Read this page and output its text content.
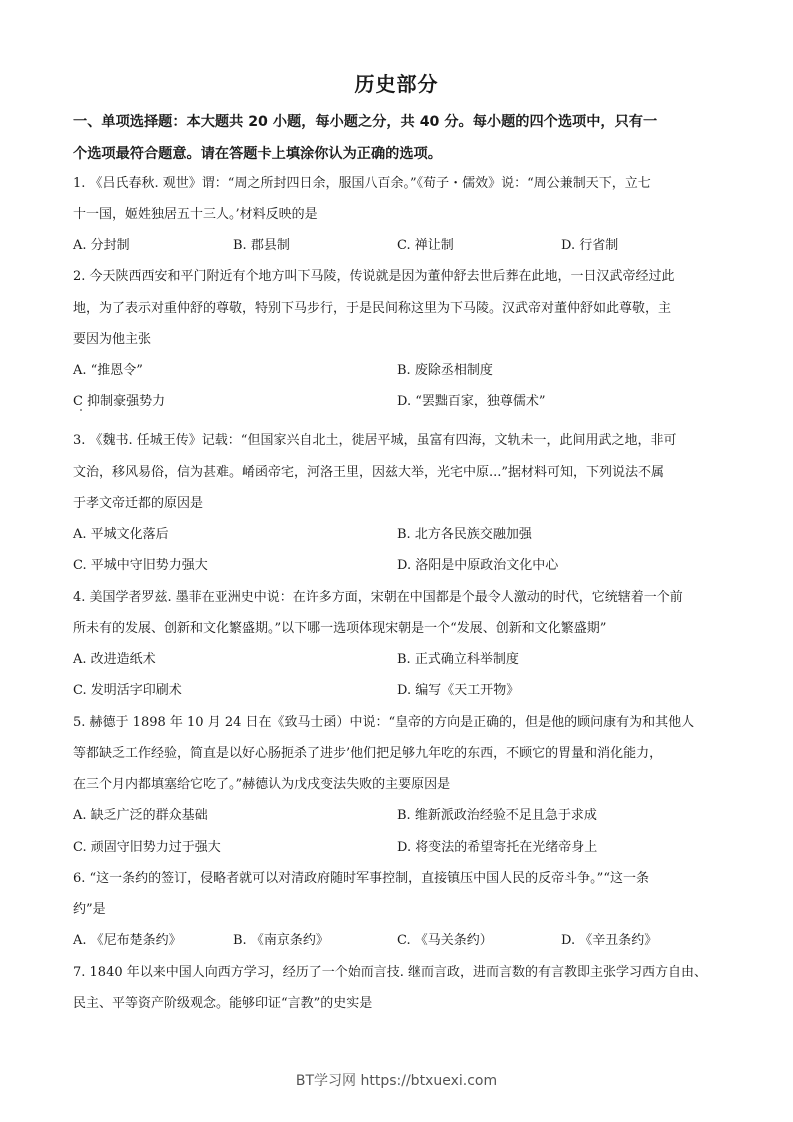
历史部分
一、单项选择题：本大题共 20 小题，每小题之分，共 40 分。每小题的四个选项中，只有一
个选项最符合题意。请在答题卡上填涂你认为正确的选项。
1. 《吕氏春秋. 观世》谓：“周之所封四日余，服国八百余。”《荀子・儒效》说：“周公兼制天下，立七
十一国，姬姓独居五十三人。’材料反映的是
A. 分封制	B. 郡县制	C. 禅让制	D. 行省制
2. 今天陕西西安和平门附近有个地方叫下马陵，传说就是因为董仲舒去世后葬在此地，一日汉武帝经过此
地，为了表示对重仲舒的尊敬，特别下马步行，于是民间称这里为下马陵。汉武帝对董仲舒如此尊敬，主
要因为他主张
A. “推恩令”	B. 废除丞相制度
C 抑制豪强势力	D. “罢黜百家，独尊儒术”
3. 《魏书. 任城王传》记载：“但国家兴自北土，徙居平城，虽富有四海，文轨未一，此间用武之地，非可
文治，移风易俗，信为甚难。崤函帝宅，河洛王里，因兹大举，光宅中原...”据材料可知，下列说法不属
于孝文帝迁都的原因是
A. 平城文化落后	B. 北方各民族交融加强
C. 平城中守旧势力强大	D. 洛阳是中原政治文化中心
4. 美国学者罗兹. 墨菲在亚洲史中说：在许多方面，宋朝在中国都是个最令人激动的时代，它统辖着一个前
所未有的发展、创新和文化繁盛期。”以下哪一选项体现宋朝是一个“发展、创新和文化繁盛期”
A. 改进造纸术	B. 正式确立科举制度
C. 发明活字印刷术	D. 编写《天工开物》
5. 赫德于 1898 年 10 月 24 日在《致马士函）中说：“皇帝的方向是正确的，但是他的顾问康有为和其他人
等都缺乏工作经验，简直是以好心肠扼杀了进步’他们把足够九年吃的东西，不顾它的胃量和消化能力，
在三个月内都填塞给它吃了。”赫德认为戊戌变法失败的主要原因是
A. 缺乏广泛的群众基础	B. 维新派政治经验不足且急于求成
C. 顽固守旧势力过于强大	D. 将变法的希望寄托在光绪帝身上
6. “这一条约的签订，侵略者就可以对清政府随时军事控制，直接镇压中国人民的反帝斗争。”“这一条
约”是
A. 《尼布楚条约》	B. 《南京条约》	C. 《马关条约）	D. 《辛丑条约》
7. 1840 年以来中国人向西方学习，经历了一个始而言技. 继而言政，进而言数的有言教即主张学习西方自由、
民主、平等资产阶级观念。能够印证“言教”的史实是
BT学习网 https://btxuexi.com
